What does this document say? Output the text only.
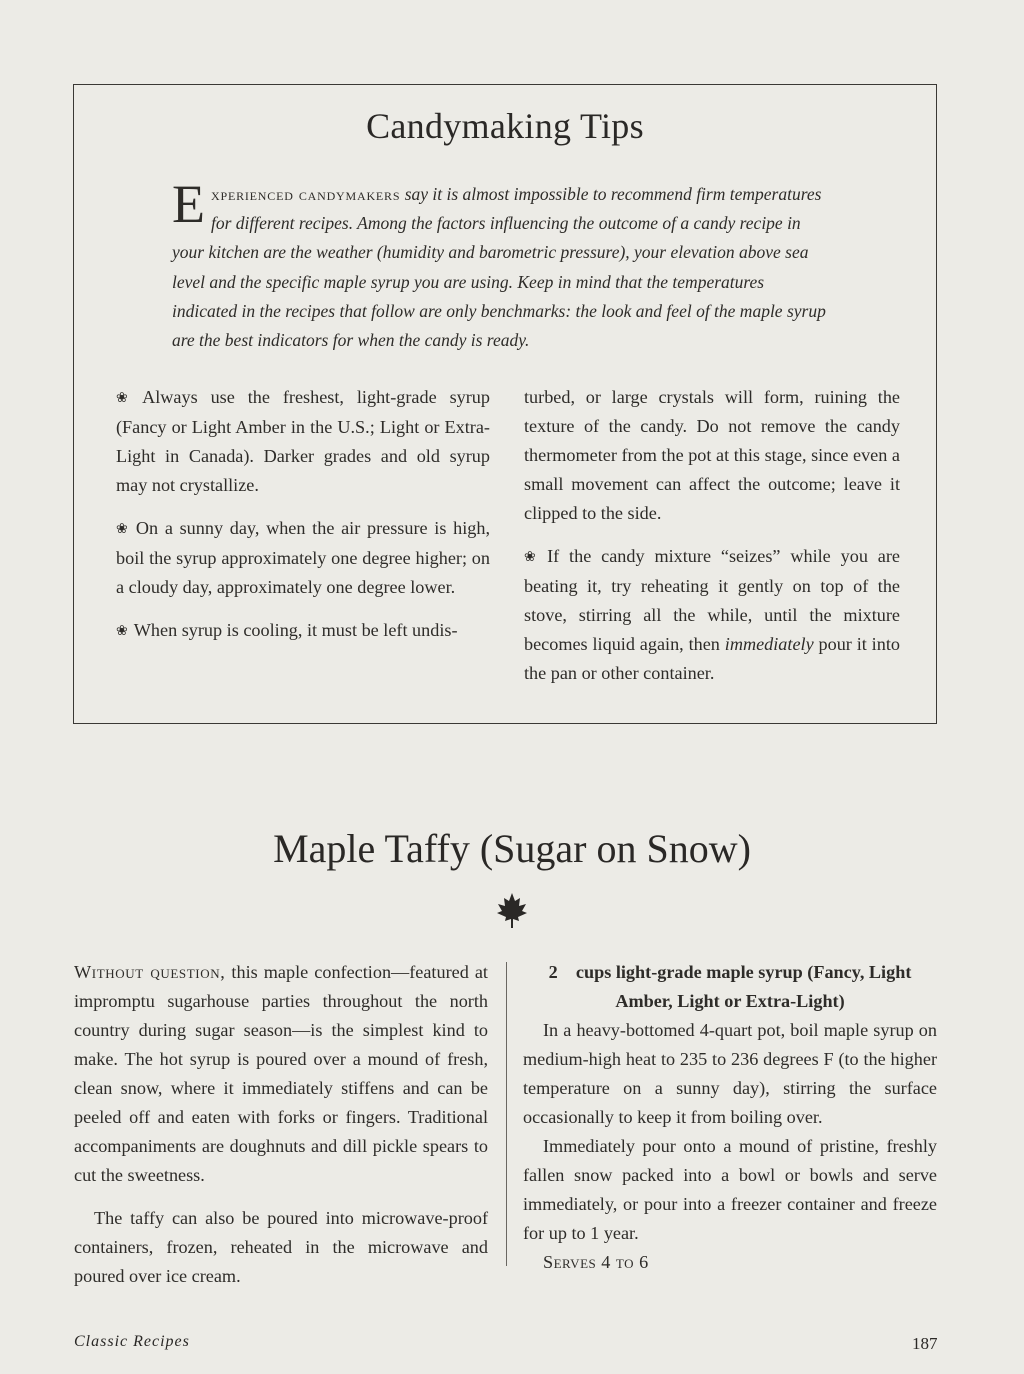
Candymaking Tips
Experienced candymakers say it is almost impossible to recommend firm temperatures for different recipes. Among the factors influencing the outcome of a candy recipe in your kitchen are the weather (humidity and barometric pressure), your elevation above sea level and the specific maple syrup you are using. Keep in mind that the temperatures indicated in the recipes that follow are only benchmarks: the look and feel of the maple syrup are the best indicators for when the candy is ready.

❀ Always use the freshest, light-grade syrup (Fancy or Light Amber in the U.S.; Light or Extra-Light in Canada). Darker grades and old syrup may not crystallize.

❀ On a sunny day, when the air pressure is high, boil the syrup approximately one degree higher; on a cloudy day, approximately one degree lower.

❀ When syrup is cooling, it must be left undis-

turbed, or large crystals will form, ruining the texture of the candy. Do not remove the candy thermometer from the pot at this stage, since even a small movement can affect the outcome; leave it clipped to the side.

❀ If the candy mixture “seizes” while you are beating it, try reheating it gently on top of the stove, stirring all the while, until the mixture becomes liquid again, then immediately pour it into the pan or other container.

Maple Taffy (Sugar on Snow)

Without question, this maple confection—featured at impromptu sugarhouse parties throughout the north country during sugar season—is the simplest kind to make. The hot syrup is poured over a mound of fresh, clean snow, where it immediately stiffens and can be peeled off and eaten with forks or fingers. Traditional accompaniments are doughnuts and dill pickle spears to cut the sweetness.

The taffy can also be poured into microwave-proof containers, frozen, reheated in the microwave and poured over ice cream.

2    cups light-grade maple syrup (Fancy, Light Amber, Light or Extra-Light)

In a heavy-bottomed 4-quart pot, boil maple syrup on medium-high heat to 235 to 236 degrees F (to the higher temperature on a sunny day), stirring the surface occasionally to keep it from boiling over.

Immediately pour onto a mound of pristine, freshly fallen snow packed into a bowl or bowls and serve immediately, or pour into a freezer container and freeze for up to 1 year.

Serves 4 to 6

Classic Recipes	187
